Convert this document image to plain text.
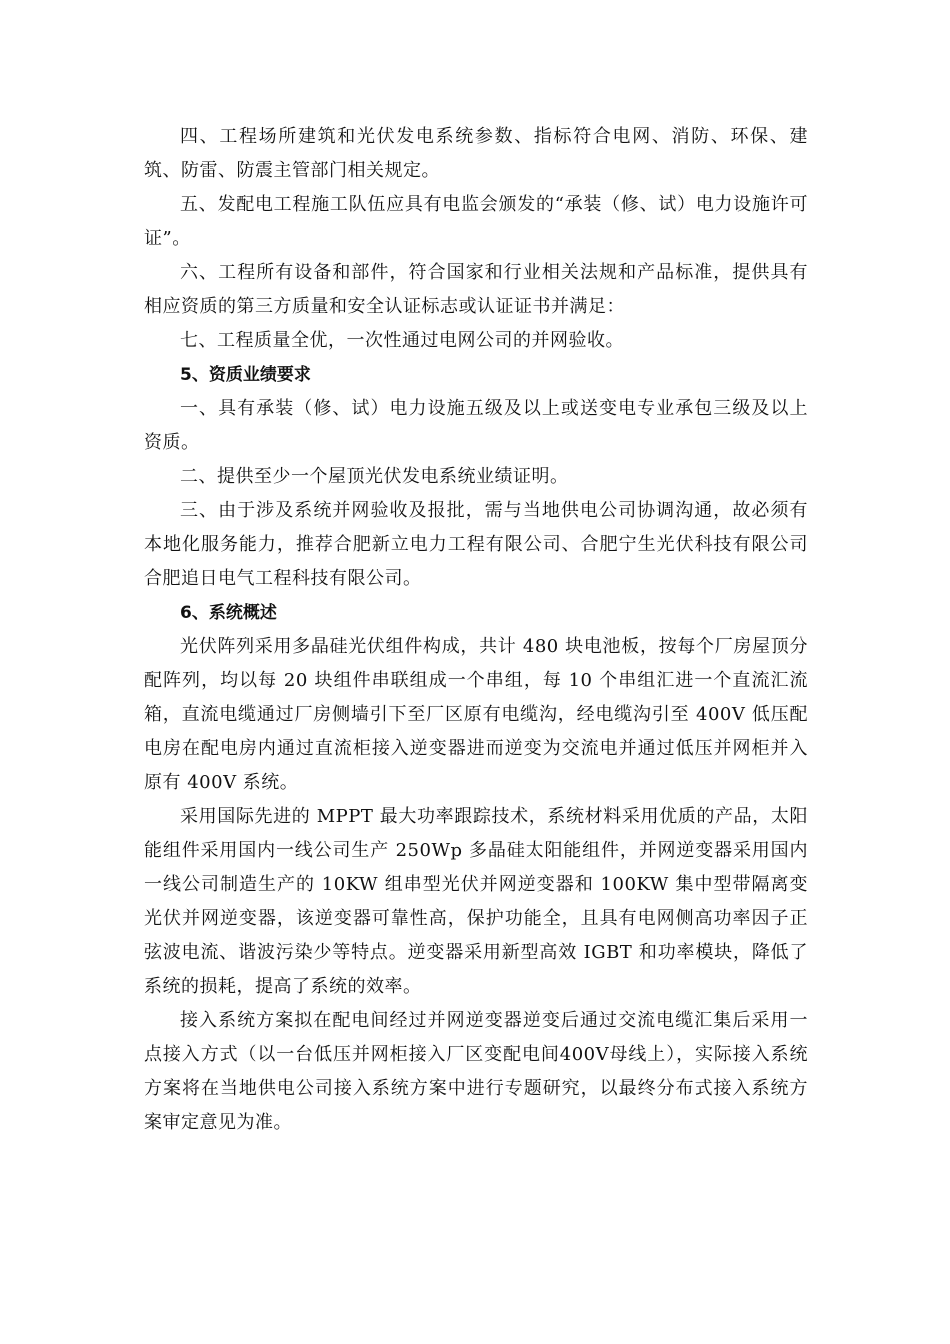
四、工程场所建筑和光伏发电系统参数、指标符合电网、消防、环保、建筑、防雷、防震主管部门相关规定。

五、发配电工程施工队伍应具有电监会颁发的“承装（修、试）电力设施许可证”。

六、工程所有设备和部件，符合国家和行业相关法规和产品标准，提供具有相应资质的第三方质量和安全认证标志或认证证书并满足：

七、工程质量全优，一次性通过电网公司的并网验收。

5、资质业绩要求

一、具有承装（修、试）电力设施五级及以上或送变电专业承包三级及以上资质。

二、提供至少一个屋顶光伏发电系统业绩证明。

三、由于涉及系统并网验收及报批，需与当地供电公司协调沟通，故必须有本地化服务能力，推荐合肥新立电力工程有限公司、合肥宁生光伏科技有限公司合肥追日电气工程科技有限公司。

6、系统概述

光伏阵列采用多晶硅光伏组件构成，共计 480 块电池板，按每个厂房屋顶分配阵列，均以每 20 块组件串联组成一个串组，每 10 个串组汇进一个直流汇流箱，直流电缆通过厂房侧墙引下至厂区原有电缆沟，经电缆沟引至 400V 低压配电房在配电房内通过直流柜接入逆变器进而逆变为交流电并通过低压并网柜并入原有 400V 系统。

采用国际先进的 MPPT 最大功率跟踪技术，系统材料采用优质的产品，太阳能组件采用国内一线公司生产 250Wp 多晶硅太阳能组件，并网逆变器采用国内一线公司制造生产的 10KW 组串型光伏并网逆变器和 100KW 集中型带隔离变光伏并网逆变器，该逆变器可靠性高，保护功能全，且具有电网侧高功率因子正弦波电流、谐波污染少等特点。逆变器采用新型高效 IGBT 和功率模块，降低了系统的损耗，提高了系统的效率。

接入系统方案拟在配电间经过并网逆变器逆变后通过交流电缆汇集后采用一点接入方式（以一台低压并网柜接入厂区变配电间400V母线上），实际接入系统方案将在当地供电公司接入系统方案中进行专题研究，以最终分布式接入系统方案审定意见为准。
